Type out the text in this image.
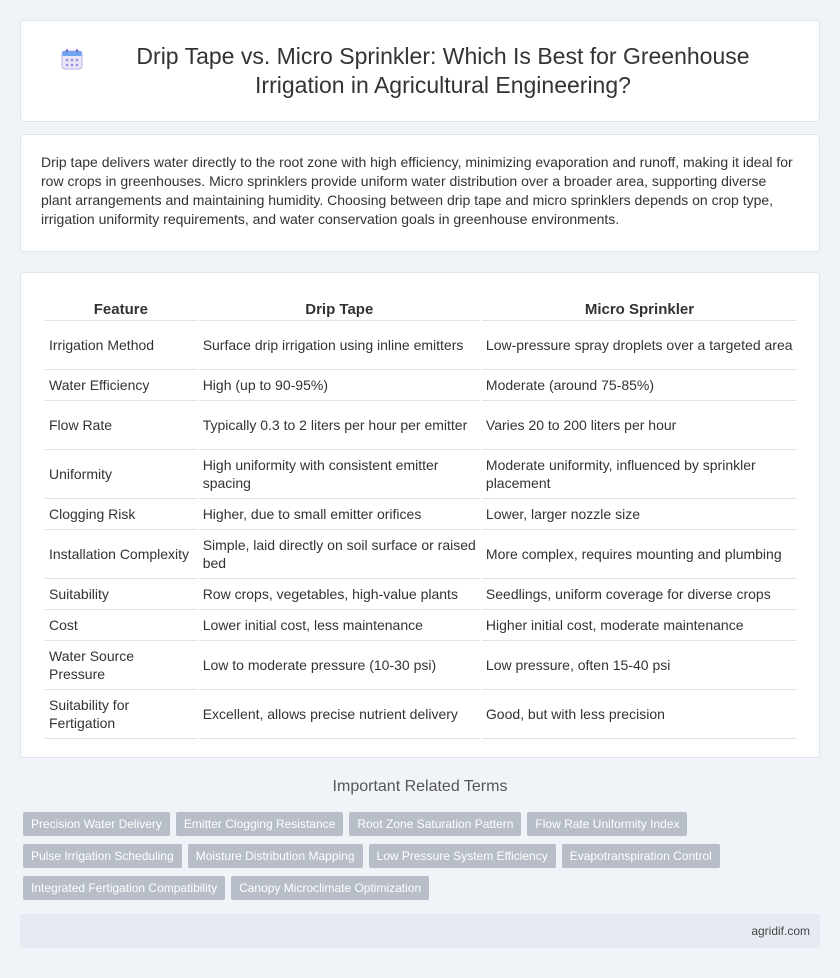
Drip Tape vs. Micro Sprinkler: Which Is Best for Greenhouse Irrigation in Agricultural Engineering?

Drip tape delivers water directly to the root zone with high efficiency, minimizing evaporation and runoff, making it ideal for row crops in greenhouses. Micro sprinklers provide uniform water distribution over a broader area, supporting diverse plant arrangements and maintaining humidity. Choosing between drip tape and micro sprinklers depends on crop type, irrigation uniformity requirements, and water conservation goals in greenhouse environments.

Feature	Drip Tape	Micro Sprinkler
Irrigation Method	Surface drip irrigation using inline emitters	Low-pressure spray droplets over a targeted area
Water Efficiency	High (up to 90-95%)	Moderate (around 75-85%)
Flow Rate	Typically 0.3 to 2 liters per hour per emitter	Varies 20 to 200 liters per hour
Uniformity	High uniformity with consistent emitter spacing	Moderate uniformity, influenced by sprinkler placement
Clogging Risk	Higher, due to small emitter orifices	Lower, larger nozzle size
Installation Complexity	Simple, laid directly on soil surface or raised bed	More complex, requires mounting and plumbing
Suitability	Row crops, vegetables, high-value plants	Seedlings, uniform coverage for diverse crops
Cost	Lower initial cost, less maintenance	Higher initial cost, moderate maintenance
Water Source Pressure	Low to moderate pressure (10-30 psi)	Low pressure, often 15-40 psi
Suitability for Fertigation	Excellent, allows precise nutrient delivery	Good, but with less precision
Important Related Terms
Precision Water Delivery	Emitter Clogging Resistance	Root Zone Saturation Pattern	Flow Rate Uniformity Index
Pulse Irrigation Scheduling	Moisture Distribution Mapping	Low Pressure System Efficiency	Evapotranspiration Control
Integrated Fertigation Compatibility	Canopy Microclimate Optimization
agridif.com
